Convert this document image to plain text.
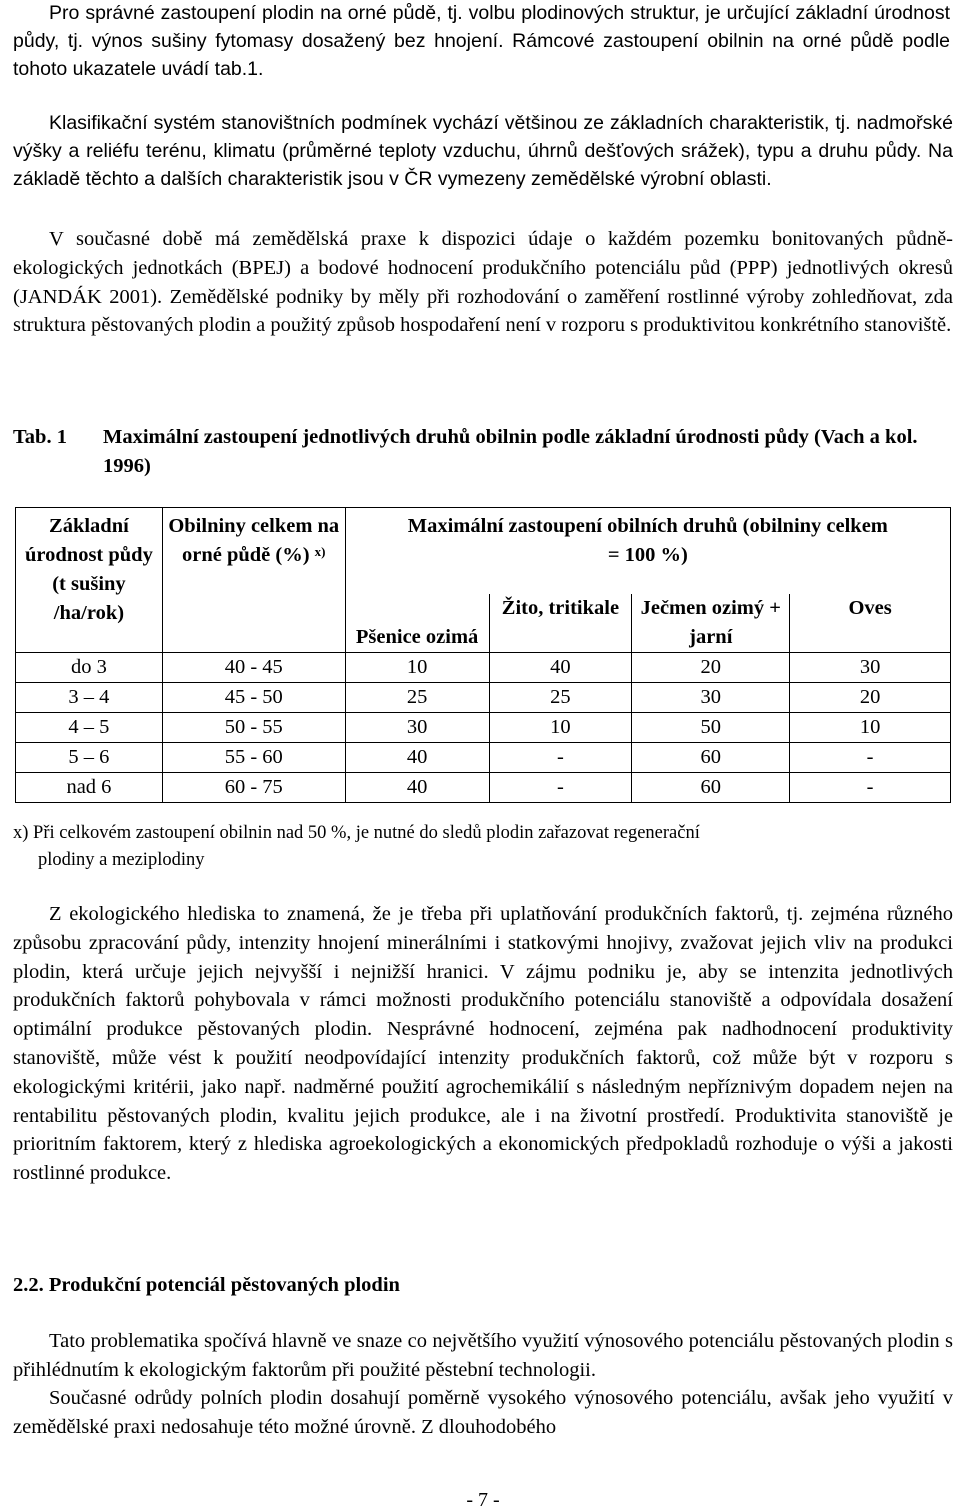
Pro správné zastoupení plodin na orné půdě, tj. volbu plodinových struktur, je určující základní úrodnost půdy, tj. výnos sušiny fytomasy dosažený bez hnojení. Rámcové zastoupení obilnin na orné půdě podle tohoto ukazatele uvádí tab.1.

Klasifikační systém stanovištních podmínek vychází většinou ze základních charakteristik, tj. nadmořské výšky a reliéfu terénu, klimatu (průměrné teploty vzduchu, úhrnů dešťových srážek), typu a druhu půdy. Na základě těchto a dalších charakteristik jsou v ČR vymezeny zemědělské výrobní oblasti.

V současné době má zemědělská praxe k dispozici údaje o každém pozemku bonitovaných půdně-ekologických jednotkách (BPEJ) a bodové hodnocení produkčního potenciálu půd (PPP) jednotlivých okresů (JANDÁK 2001). Zemědělské podniky by měly při rozhodování o zaměření rostlinné výroby zohledňovat, zda struktura pěstovaných plodin a použitý způsob hospodaření není v rozporu s produktivitou konkrétního stanoviště.

Tab. 1 Maximální zastoupení jednotlivých druhů obilnin podle základní úrodnosti půdy (Vach a kol. 1996)
Základní úrodnost půdy (t sušiny /ha/rok)	Obilniny celkem na orné půdě (%) $^{x)}$	Maximální zastoupení obilních druhů (obilniny celkem = 100 %)			

		Pšenice ozimá	Žito, tritikale	Ječmen ozimý + jarní	Oves
do 3	40 - 45	10	40	20	30
3 – 4	45 - 50	25	25	30	20
4 – 5	50 - 55	30	10	50	10
5 – 6	55 - 60	40	-	60	-
nad 6	60 - 75	40	-	60	-
x) Při celkovém zastoupení obilnin nad 50 %, je nutné do sledů plodin zařazovat regenerační
plodiny a meziplodiny

Z ekologického hlediska to znamená, že je třeba při uplatňování produkčních faktorů, tj. zejména různého způsobu zpracování půdy, intenzity hnojení minerálními i statkovými hnojivy, zvažovat jejich vliv na produkci plodin, která určuje jejich nejvyšší i nejnižší hranici. V zájmu podniku je, aby se intenzita jednotlivých produkčních faktorů pohybovala v rámci možnosti produkčního potenciálu stanoviště a odpovídala dosažení optimální produkce pěstovaných plodin. Nesprávné hodnocení, zejména pak nadhodnocení produktivity stanoviště, může vést k použití neodpovídající intenzity produkčních faktorů, což může být v rozporu s ekologickými kritérii, jako např. nadměrné použití agrochemikálií s následným nepříznivým dopadem nejen na rentabilitu pěstovaných plodin, kvalitu jejich produkce, ale i na životní prostředí. Produktivita stanoviště je prioritním faktorem, který z hlediska agroekologických a ekonomických předpokladů rozhoduje o výši a jakosti rostlinné produkce.

2.2. Produkční potenciál pěstovaných plodin

Tato problematika spočívá hlavně ve snaze co největšího využití výnosového potenciálu pěstovaných plodin s přihlédnutím k ekologickým faktorům při použité pěstební technologii.

Současné odrůdy polních plodin dosahují poměrně vysokého výnosového potenciálu, avšak jeho využití v zemědělské praxi nedosahuje této možné úrovně. Z dlouhodobého

- 7 -
